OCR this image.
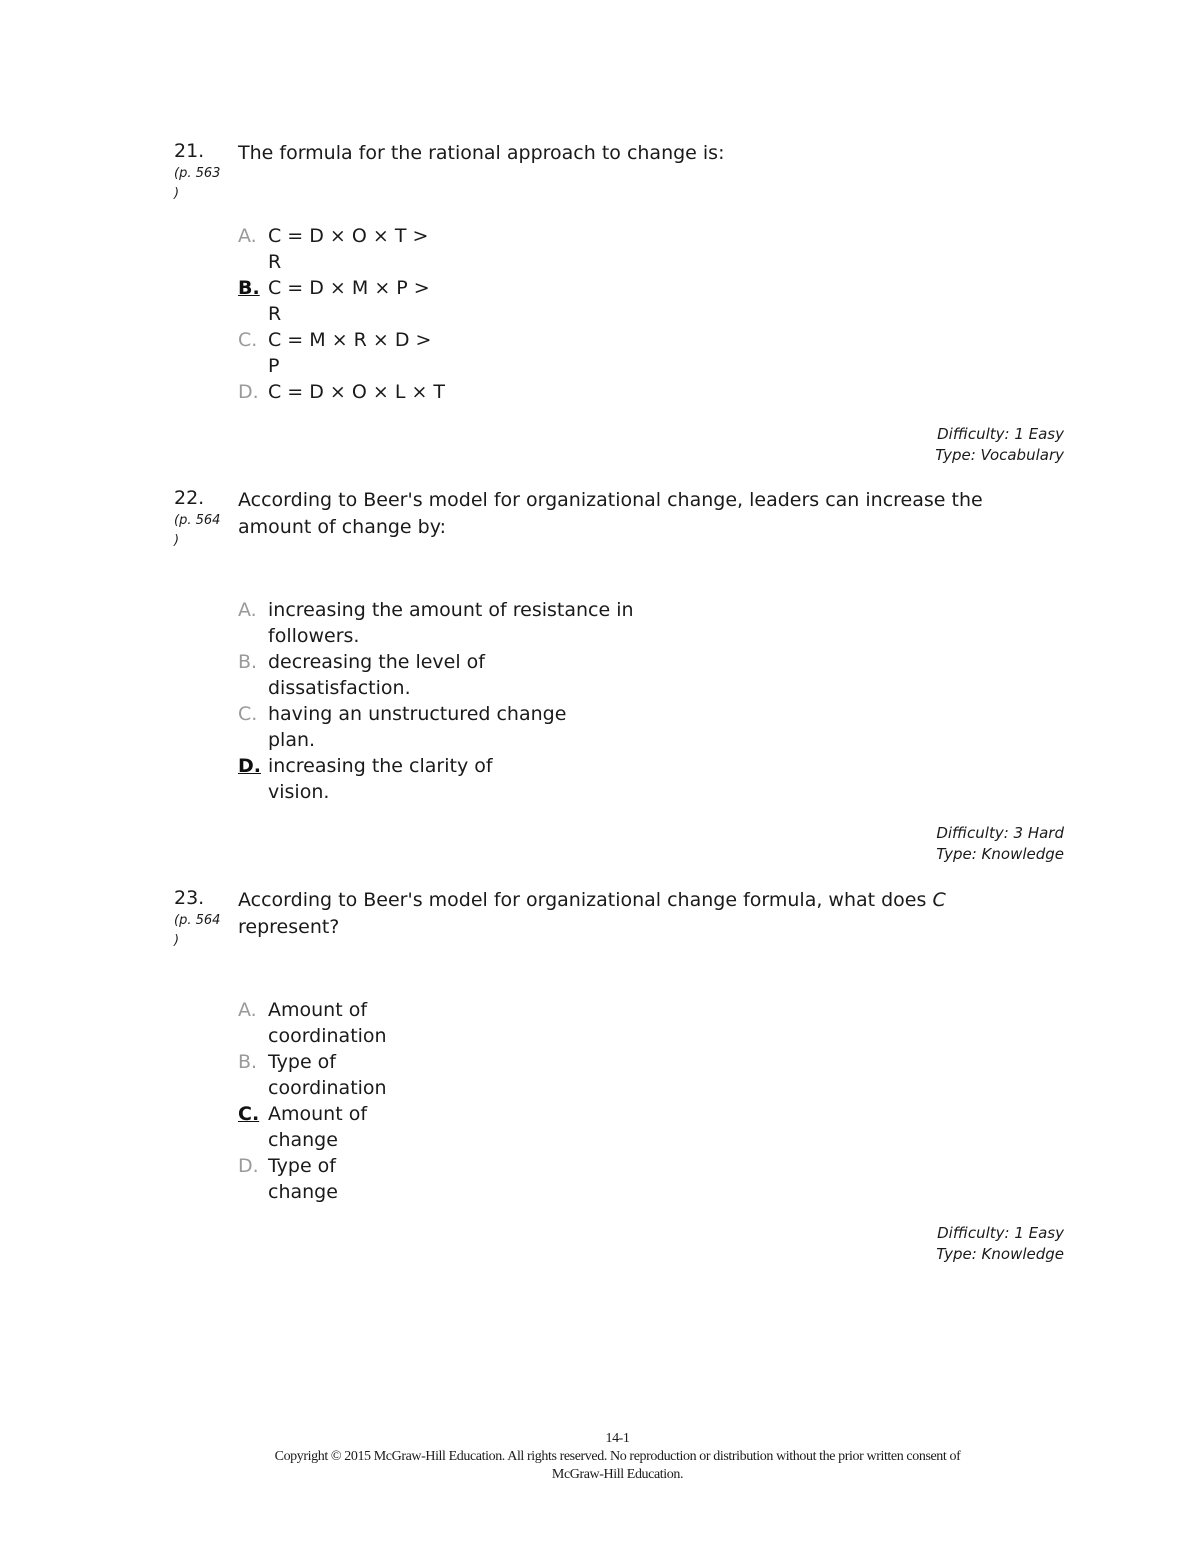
21. The formula for the rational approach to change is:
(p. 563
)
A. C = D × O × T >
R
B. C = D × M × P >
R
C. C = M × R × D >
P
D. C = D × O × L × T
Difficulty: 1 Easy
Type: Vocabulary
22. According to Beer's model for organizational change, leaders can increase the amount of change by:
(p. 564
)
A. increasing the amount of resistance in
followers.
B. decreasing the level of
dissatisfaction.
C. having an unstructured change
plan.
D. increasing the clarity of
vision.
Difficulty: 3 Hard
Type: Knowledge
23. According to Beer's model for organizational change formula, what does C represent?
(p. 564
)
A. Amount of
coordination
B. Type of
coordination
C. Amount of
change
D. Type of
change
Difficulty: 1 Easy
Type: Knowledge
14-1
Copyright © 2015 McGraw-Hill Education. All rights reserved. No reproduction or distribution without the prior written consent of
McGraw-Hill Education.
